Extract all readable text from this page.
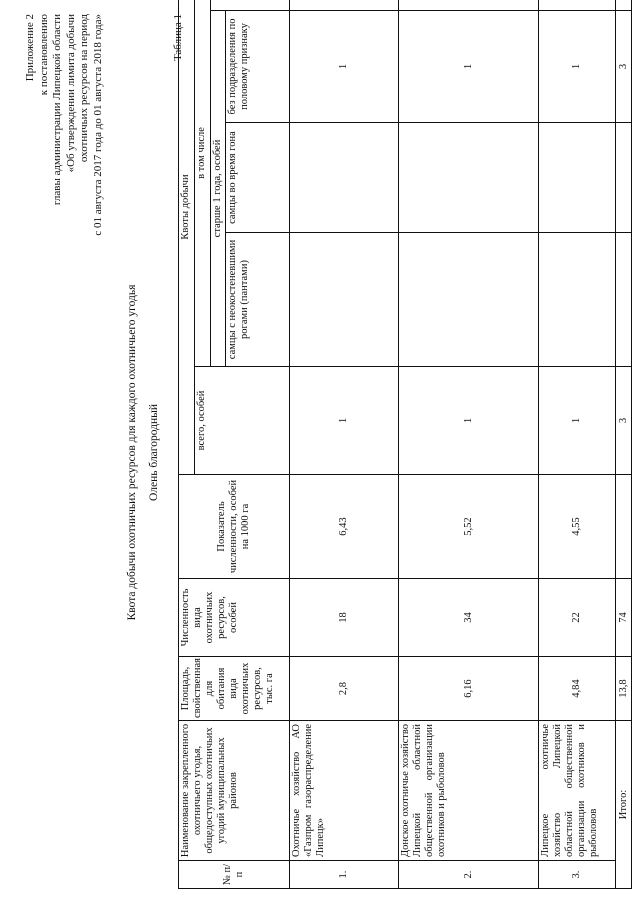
Приложение 2 к постановлению главы администрации Липецкой области «Об утверждении лимита добычи охотничьих ресурсов на период с 01 августа 2017 года до 01 августа 2018 года»
Квота добычи охотничьих ресурсов для каждого охотничьего угодья Олень благородный
Таблица 1
№ п/п	Наименование закрепленного охотничьего угодья, общедоступных охотничьих угодий муниципальных районов	Площадь, свойственная для обитания вида охотничьих ресурсов, тыс. га	Численность вида охотничьих ресурсов, особей	Показатель численности, особей на 1000 га	Квоты добычи				
					всего, особей	в том числе			
						старше 1 года, особей	
						самцы с неокостеневшими рогами (пантами)	самцы во время гона	без подразделения по половому признаку	
1.	Охотничье хозяйство АО «Газпром газораспределение Липецк»	2,8	18	6,43	1			1	
2.	Донское охотничье хозяйство Липецкой областной общественной организации охотников и рыболовов	6,16	34	5,52	1			1	
3.	Липецкое охотничье хозяйство Липецкой областной общественной организации охотников и рыболовов	4,84	22	4,55	1			1	
Итого:		13,8	74		3			3	
